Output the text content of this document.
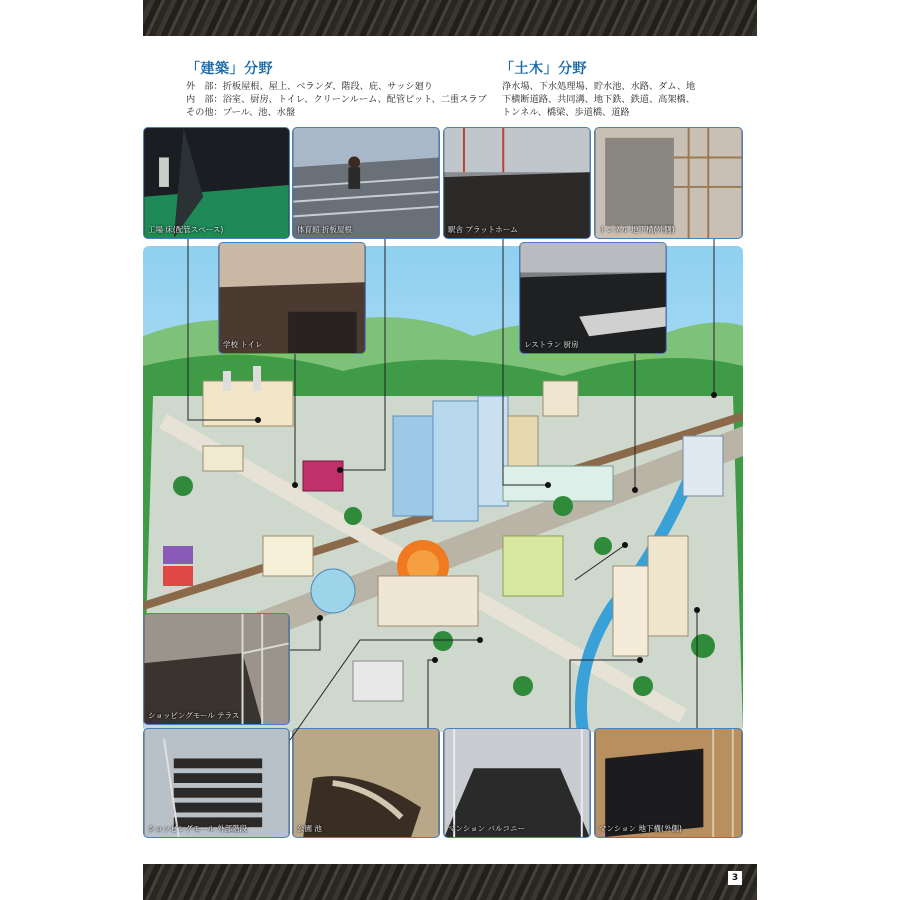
「建築」分野
外　部：折板屋根、屋上、ベランダ、階段、庇、サッシ廻り
内　部：浴室、厨房、トイレ、クリーンルーム、配管ピット、二重スラブ
その他：プール、池、水盤
「土木」分野
浄水場、下水処理場、貯水池、水路、ダム、地
下横断道路、共同溝、地下鉄、鉄道、高架橋、
トンネル、橋梁、歩道橋、道路
工場 床(配管スペース)	体育館 折板屋根	駅舎 プラットホーム	トンネル 地下構(外側)
学校 トイレ	レストラン 厨房
ショッピングモール テラス
ショッピングモール 外部階段	公園 池	マンション バルコニー	マンション 地下構(外側)
3
